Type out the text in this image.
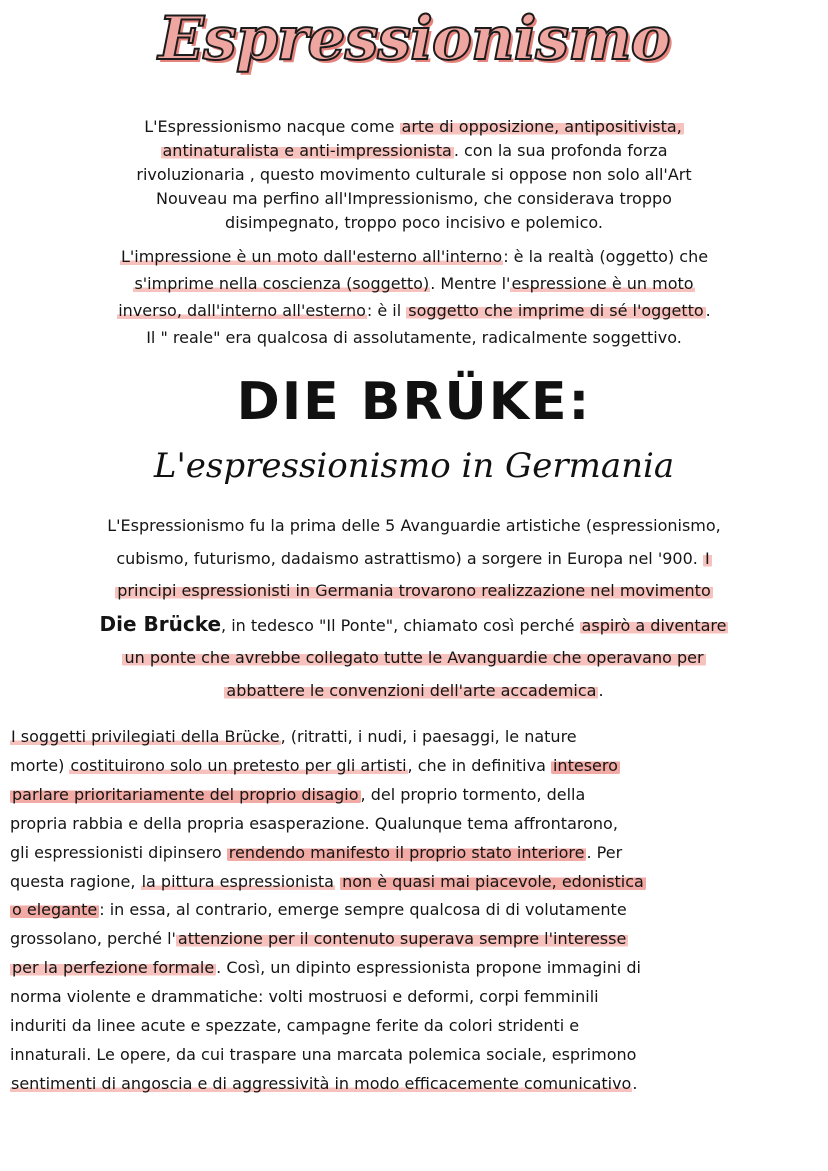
Espressionismo
L'Espressionismo nacque come arte di opposizione, antipositivista,
antinaturalista e anti-impressionista . con la sua profonda forza
rivoluzionaria , questo movimento culturale si oppose non solo all'Art
Nouveau ma perfino all'Impressionismo, che considerava troppo
disimpegnato, troppo poco incisivo e polemico.
L'impressione è un moto dall'esterno all'interno: è la realtà (oggetto) che
s'imprime nella coscienza (soggetto). Mentre l'espressione è un moto
inverso, dall'interno all'esterno: è il soggetto che imprime di sé l'oggetto .
Il " reale" era qualcosa di assolutamente, radicalmente soggettivo.
DIE BRÜKE:
L'espressionismo in Germania
L'Espressionismo fu la prima delle 5 Avanguardie artistiche (espressionismo,
cubismo, futurismo, dadaismo astrattismo) a sorgere in Europa nel '900. I
principi espressionisti in Germania trovarono realizzazione nel movimento
Die Brücke, in tedesco "Il Ponte", chiamato così perché aspirò a diventare
un ponte che avrebbe collegato tutte le Avanguardie che operavano per
abbattere le convenzioni dell'arte accademica .
I soggetti privilegiati della Brücke, (ritratti, i nudi, i paesaggi, le nature
morte) costituirono solo un pretesto per gli artisti, che in definitiva intesero
parlare prioritariamente del proprio disagio , del proprio tormento, della
propria rabbia e della propria esasperazione. Qualunque tema affrontarono,
gli espressionisti dipinsero rendendo manifesto il proprio stato interiore . Per
questa ragione, la pittura espressionista non è quasi mai piacevole, edonistica
o elegante : in essa, al contrario, emerge sempre qualcosa di di volutamente
grossolano, perché l' attenzione per il contenuto superava sempre l'interesse
per la perfezione formale . Così, un dipinto espressionista propone immagini di
norma violente e drammatiche: volti mostruosi e deformi, corpi femminili
induriti da linee acute e spezzate, campagne ferite da colori stridenti e
innaturali. Le opere, da cui traspare una marcata polemica sociale, esprimono
sentimenti di angoscia e di aggressività in modo efficacemente comunicativo.
